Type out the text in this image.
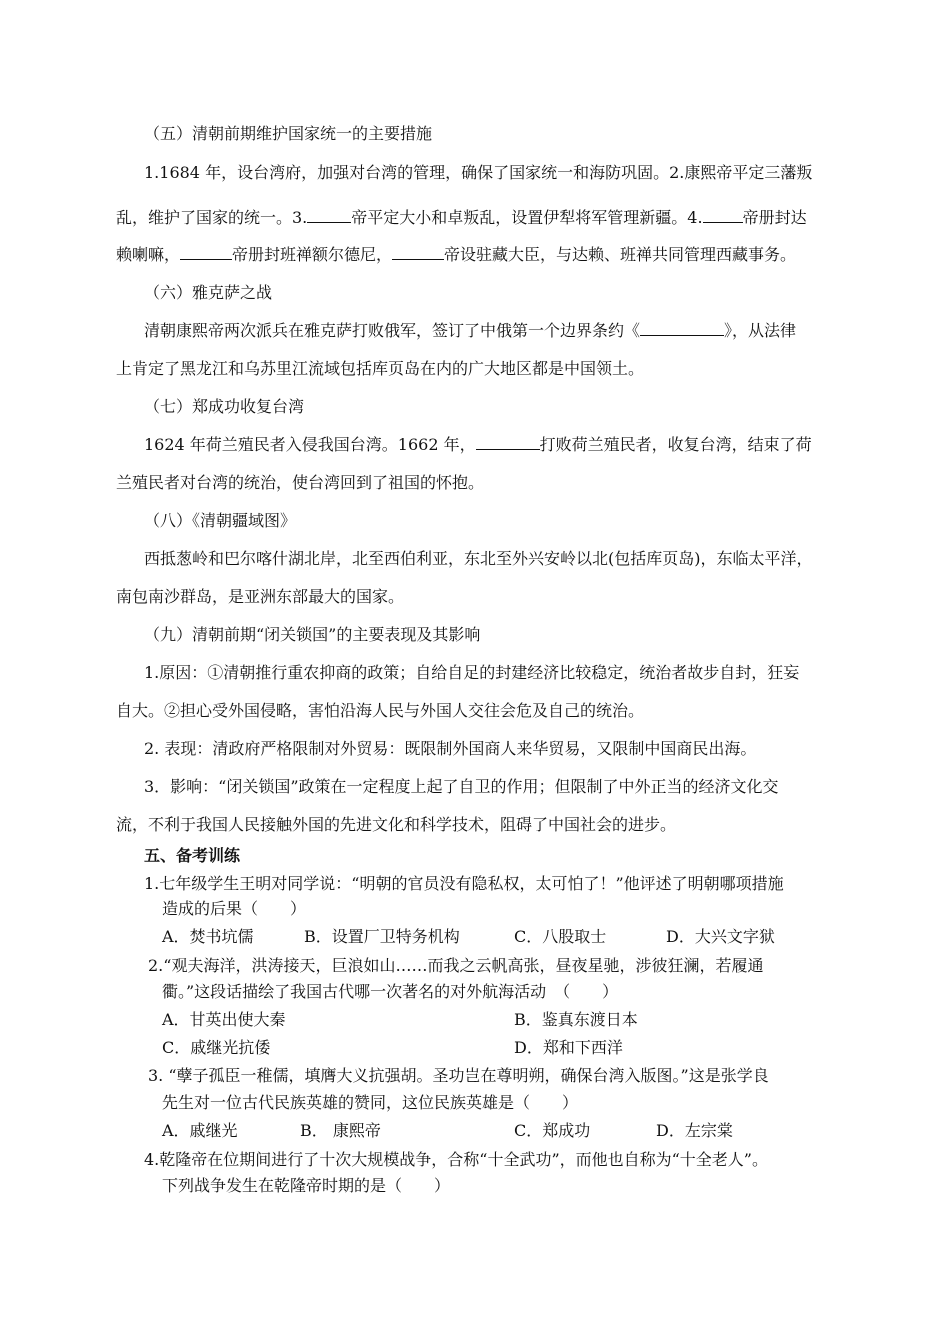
（五）清朝前期维护国家统一的主要措施
1.1684 年，设台湾府，加强对台湾的管理，确保了国家统一和海防巩固。2.康熙帝平定三藩叛
乱，维护了国家的统一。3.	帝平定大小和卓叛乱，设置伊犁将军管理新疆。4.	帝册封达
赖喇嘛，	帝册封班禅额尔德尼，	帝设驻藏大臣，与达赖、班禅共同管理西藏事务。
（六）雅克萨之战
清朝康熙帝两次派兵在雅克萨打败俄军，签订了中俄第一个边界条约《	》，从法律
上肯定了黑龙江和乌苏里江流域包括库页岛在内的广大地区都是中国领土。
（七）郑成功收复台湾
1624 年荷兰殖民者入侵我国台湾。1662 年，	打败荷兰殖民者，收复台湾，结束了荷
兰殖民者对台湾的统治，使台湾回到了祖国的怀抱。
（八）《清朝疆域图》
西抵葱岭和巴尔喀什湖北岸，北至西伯利亚，东北至外兴安岭以北(包括库页岛)，东临太平洋，
南包南沙群岛，是亚洲东部最大的国家。
（九）清朝前期“闭关锁国”的主要表现及其影响
1.原因：①清朝推行重农抑商的政策；自给自足的封建经济比较稳定，统治者故步自封，狂妄
自大。②担心受外国侵略，害怕沿海人民与外国人交往会危及自己的统治。
2. 表现：清政府严格限制对外贸易：既限制外国商人来华贸易，又限制中国商民出海。
3．影响：“闭关锁国”政策在一定程度上起了自卫的作用；但限制了中外正当的经济文化交
流，不利于我国人民接触外国的先进文化和科学技术，阻碍了中国社会的进步。
五、备考训练
1.七年级学生王明对同学说：“明朝的官员没有隐私权，太可怕了！”他评述了明朝哪项措施
造成的后果（　　）
A．焚书坑儒	B．设置厂卫特务机构	C．八股取士	D．大兴文字狱
2.“观夫海洋，洪涛接天，巨浪如山……而我之云帆高张，昼夜星驰，涉彼狂澜，若履通
衢。”这段话描绘了我国古代哪一次著名的对外航海活动　（　　）
A．甘英出使大秦	B．鉴真东渡日本
C．戚继光抗倭	D．郑和下西洋
3. “孽子孤臣一稚儒，填膺大义抗强胡。圣功岂在尊明朔，确保台湾入版图。”这是张学良
先生对一位古代民族英雄的赞同，这位民族英雄是（　　）
A．戚继光	B． 康熙帝	C．郑成功	D．左宗棠
4.乾隆帝在位期间进行了十次大规模战争，合称“十全武功”，而他也自称为“十全老人”。
下列战争发生在乾隆帝时期的是（　　）
